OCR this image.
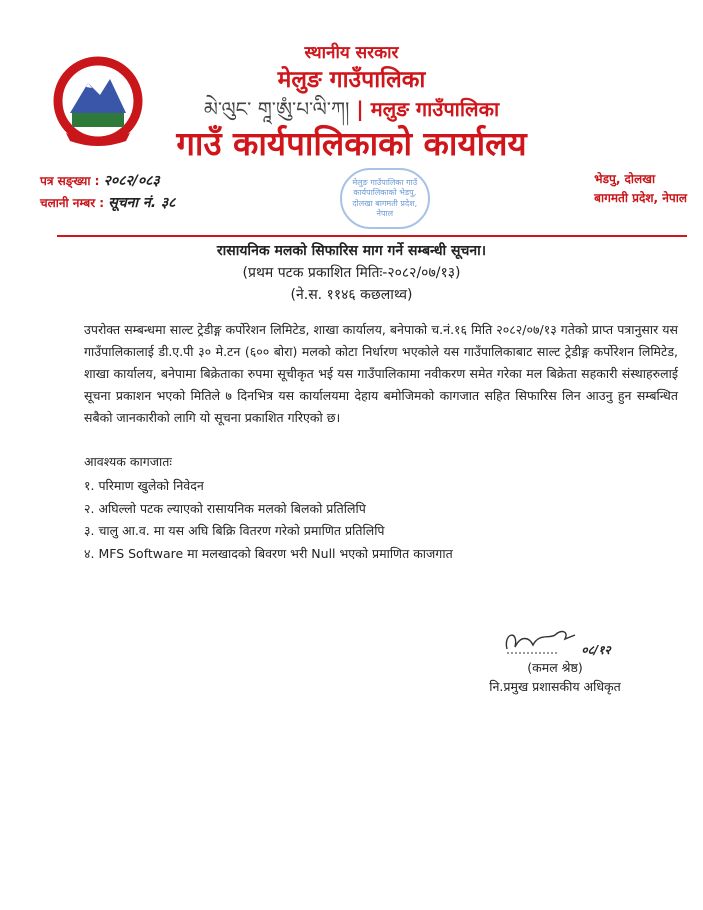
स्थानीय सरकार
मेलुङ गाउँपालिका
མེ་ལུང་ གཱ་ཨུཾ་པ་ལི་ཀ། | मलुङ गाउँपालिका
गाउँ कार्यपालिकाको कार्यालय
पत्र सङ्ख्या : २०८२/०८३
चलानी नम्बर : सूचना नं. ३८
मेलुङ गाउँपालिका गाउँ कार्यपालिकाको भेडपु, दोलखा बागमती प्रदेश, नेपाल
भेडपु, दोलखा
बागमती प्रदेश, नेपाल
रासायनिक मलको सिफारिस माग गर्ने सम्बन्धी सूचना।
(प्रथम पटक प्रकाशित मितिः-२०८२/०७/१३)
(ने.स. ११४६ कछलाथ्व)
उपरोक्त सम्बन्धमा साल्ट ट्रेडीङ्ग कर्पोरेशन लिमिटेड, शाखा कार्यालय, बनेपाको च.नं.१६ मिति २०८२/०७/१३ गतेको प्राप्त पत्रानुसार यस गाउँपालिकालाई डी.ए.पी ३० मे.टन (६०० बोरा) मलको कोटा निर्धारण भएकोले यस गाउँपालिकाबाट साल्ट ट्रेडीङ्ग कर्पोरेशन लिमिटेड, शाखा कार्यालय, बनेपामा बिक्रेताका रुपमा सूचीकृत भई यस गाउँपालिकामा नवीकरण समेत गरेका मल बिक्रेता सहकारी संस्थाहरुलाई सूचना प्रकाशन भएको मितिले ७ दिनभित्र यस कार्यालयमा देहाय बमोजिमको कागजात सहित सिफारिस लिन आउनु हुन सम्बन्धित सबैको जानकारीको लागि यो सूचना प्रकाशित गरिएको छ।
आवश्यक कागजातः
१. परिमाण खुलेको निवेदन
२. अघिल्लो पटक ल्याएको रासायनिक मलको बिलको प्रतिलिपि
३. चालु आ.व. मा यस अघि बिक्रि वितरण गरेको प्रमाणित प्रतिलिपि
४. MFS Software मा मलखादको बिवरण भरी Null भएको प्रमाणित काजगात
०८/१२
(कमल श्रेष्ठ)
नि.प्रमुख प्रशासकीय अधिकृत
